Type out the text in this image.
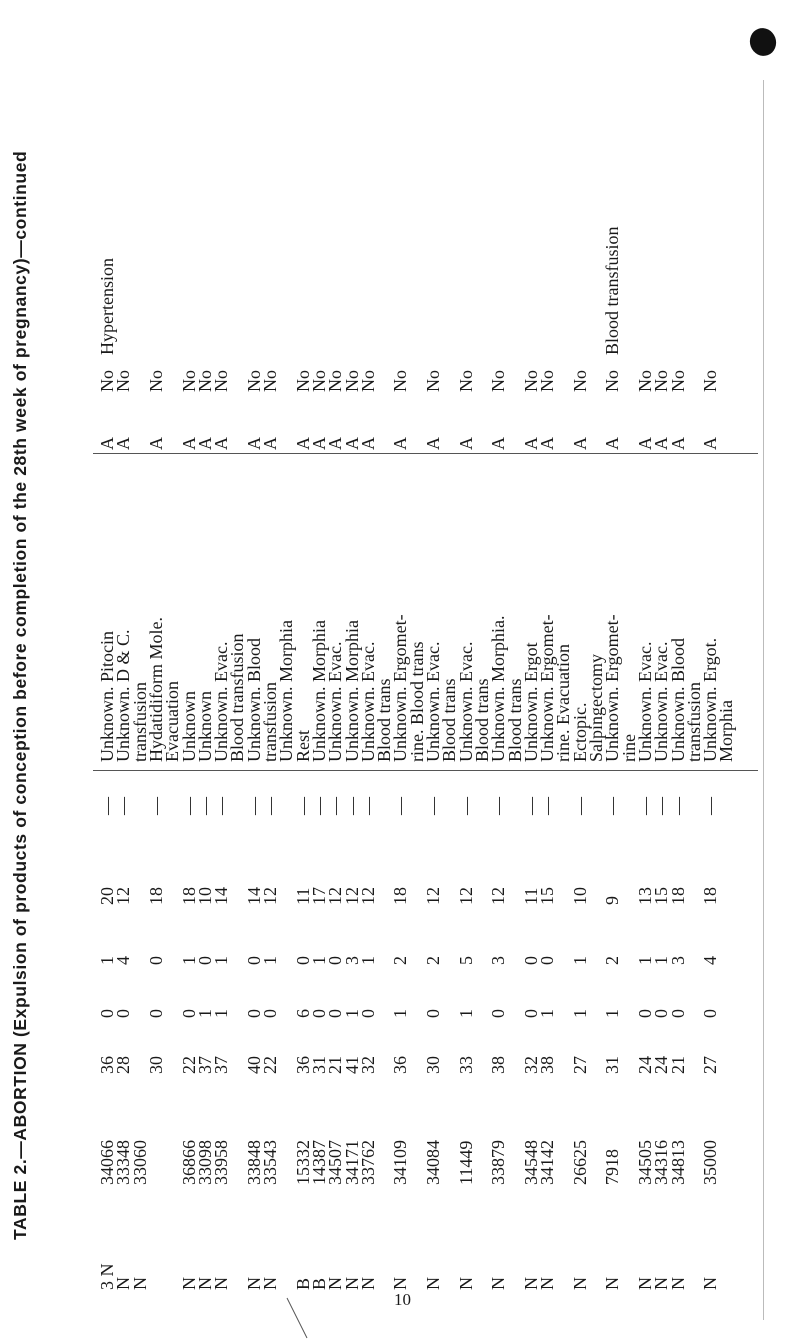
TABLE 2.—ABORTION (Expulsion of products of conception before completion of the 28th week of pregnancy)—continued
3 N
34066
36
0
1
20
—
Unknown. Pitocin
A
No
Hypertension
N
33348
28
0
4
12
—
Unknown. D & C.
A
No
N
33060
transfusion
30
0
0
18
—
Hydatidiform Mole.
A
No
Evacuation
N
36866
22
0
1
18
—
Unknown
A
No
N
33098
37
1
0
10
—
Unknown
A
No
N
33958
37
1
1
14
—
Unknown. Evac.
A
No
Blood transfusion
N
33848
40
0
0
14
—
Unknown. Blood
A
No
N
33543
22
0
1
12
—
transfusion
A
No
Unknown. Morphia
B
15332
36
6
0
11
—
Rest
A
No
B
14387
31
0
1
17
—
Unknown. Morphia
A
No
N
34507
21
0
0
12
—
Unknown. Evac.
A
No
N
34171
41
1
3
12
—
Unknown. Morphia
A
No
N
33762
32
0
1
12
—
Unknown. Evac.
A
No
Blood trans
N
34109
36
1
2
18
—
Unknown. Ergomet-
A
No
rine. Blood trans
N
34084
30
0
2
12
—
Unknown. Evac.
A
No
Blood trans
N
11449
33
1
5
12
—
Unknown. Evac.
A
No
Blood trans
N
33879
38
0
3
12
—
Unknown. Morphia.
A
No
Blood trans
N
34548
32
0
0
11
—
Unknown. Ergot
A
No
N
34142
38
1
0
15
—
Unknown. Ergomet-
A
No
rine. Evacuation
N
26625
27
1
1
10
—
Ectopic.
A
No
Salpingectomy
N
7918
31
1
2
9
—
Unknown. Ergomet-
A
No
Blood transfusion
rine
N
34505
24
0
1
13
—
Unknown. Evac.
A
No
N
34316
24
0
1
15
—
Unknown. Evac.
A
No
N
34813
21
0
3
18
—
Unknown. Blood
A
No
transfusion
N
35000
27
0
4
18
—
Unknown. Ergot.
A
No
Morphia
10
